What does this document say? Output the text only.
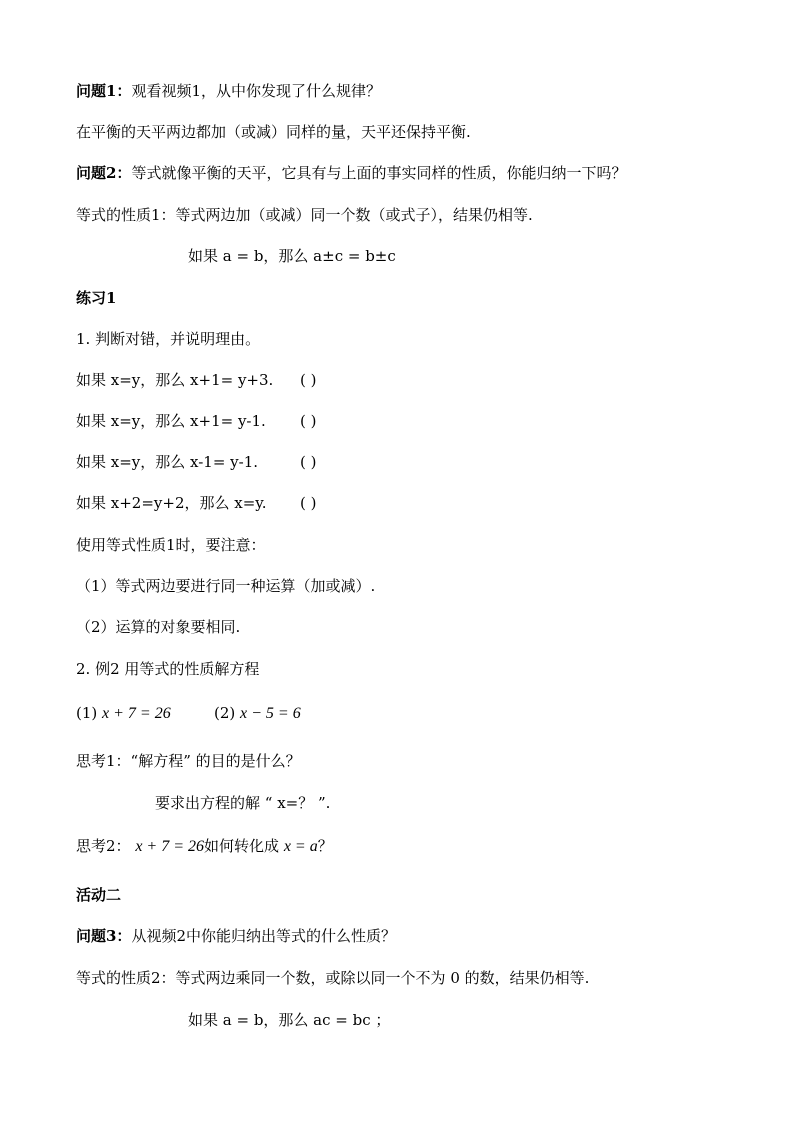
问题1：观看视频1，从中你发现了什么规律？
在平衡的天平两边都加（或减）同样的量，天平还保持平衡.
问题2：等式就像平衡的天平，它具有与上面的事实同样的性质，你能归纳一下吗？
等式的性质1：等式两边加（或减）同一个数（或式子），结果仍相等.
如果 a = b，那么 a±c = b±c
练习1
1. 判断对错，并说明理由。
如果 x=y，那么 x+1= y+3. ( )
如果 x=y，那么 x+1= y-1. ( )
如果 x=y，那么 x-1= y-1.	( )
如果 x+2=y+2，那么 x=y. ( )
使用等式性质1时，要注意：
（1）等式两边要进行同一种运算（加或减）.
（2）运算的对象要相同.
2. 例2 用等式的性质解方程
(1) x + 7 = 26	(2) x − 5 = 6
思考1：“解方程” 的目的是什么？
要求出方程的解 “ x=？ ”.
思考2： x + 7 = 26如何转化成 x = a？
活动二
问题3：从视频2中你能归纳出等式的什么性质？
等式的性质2：等式两边乘同一个数，或除以同一个不为 0 的数，结果仍相等.
如果 a = b，那么 ac = bc ；
